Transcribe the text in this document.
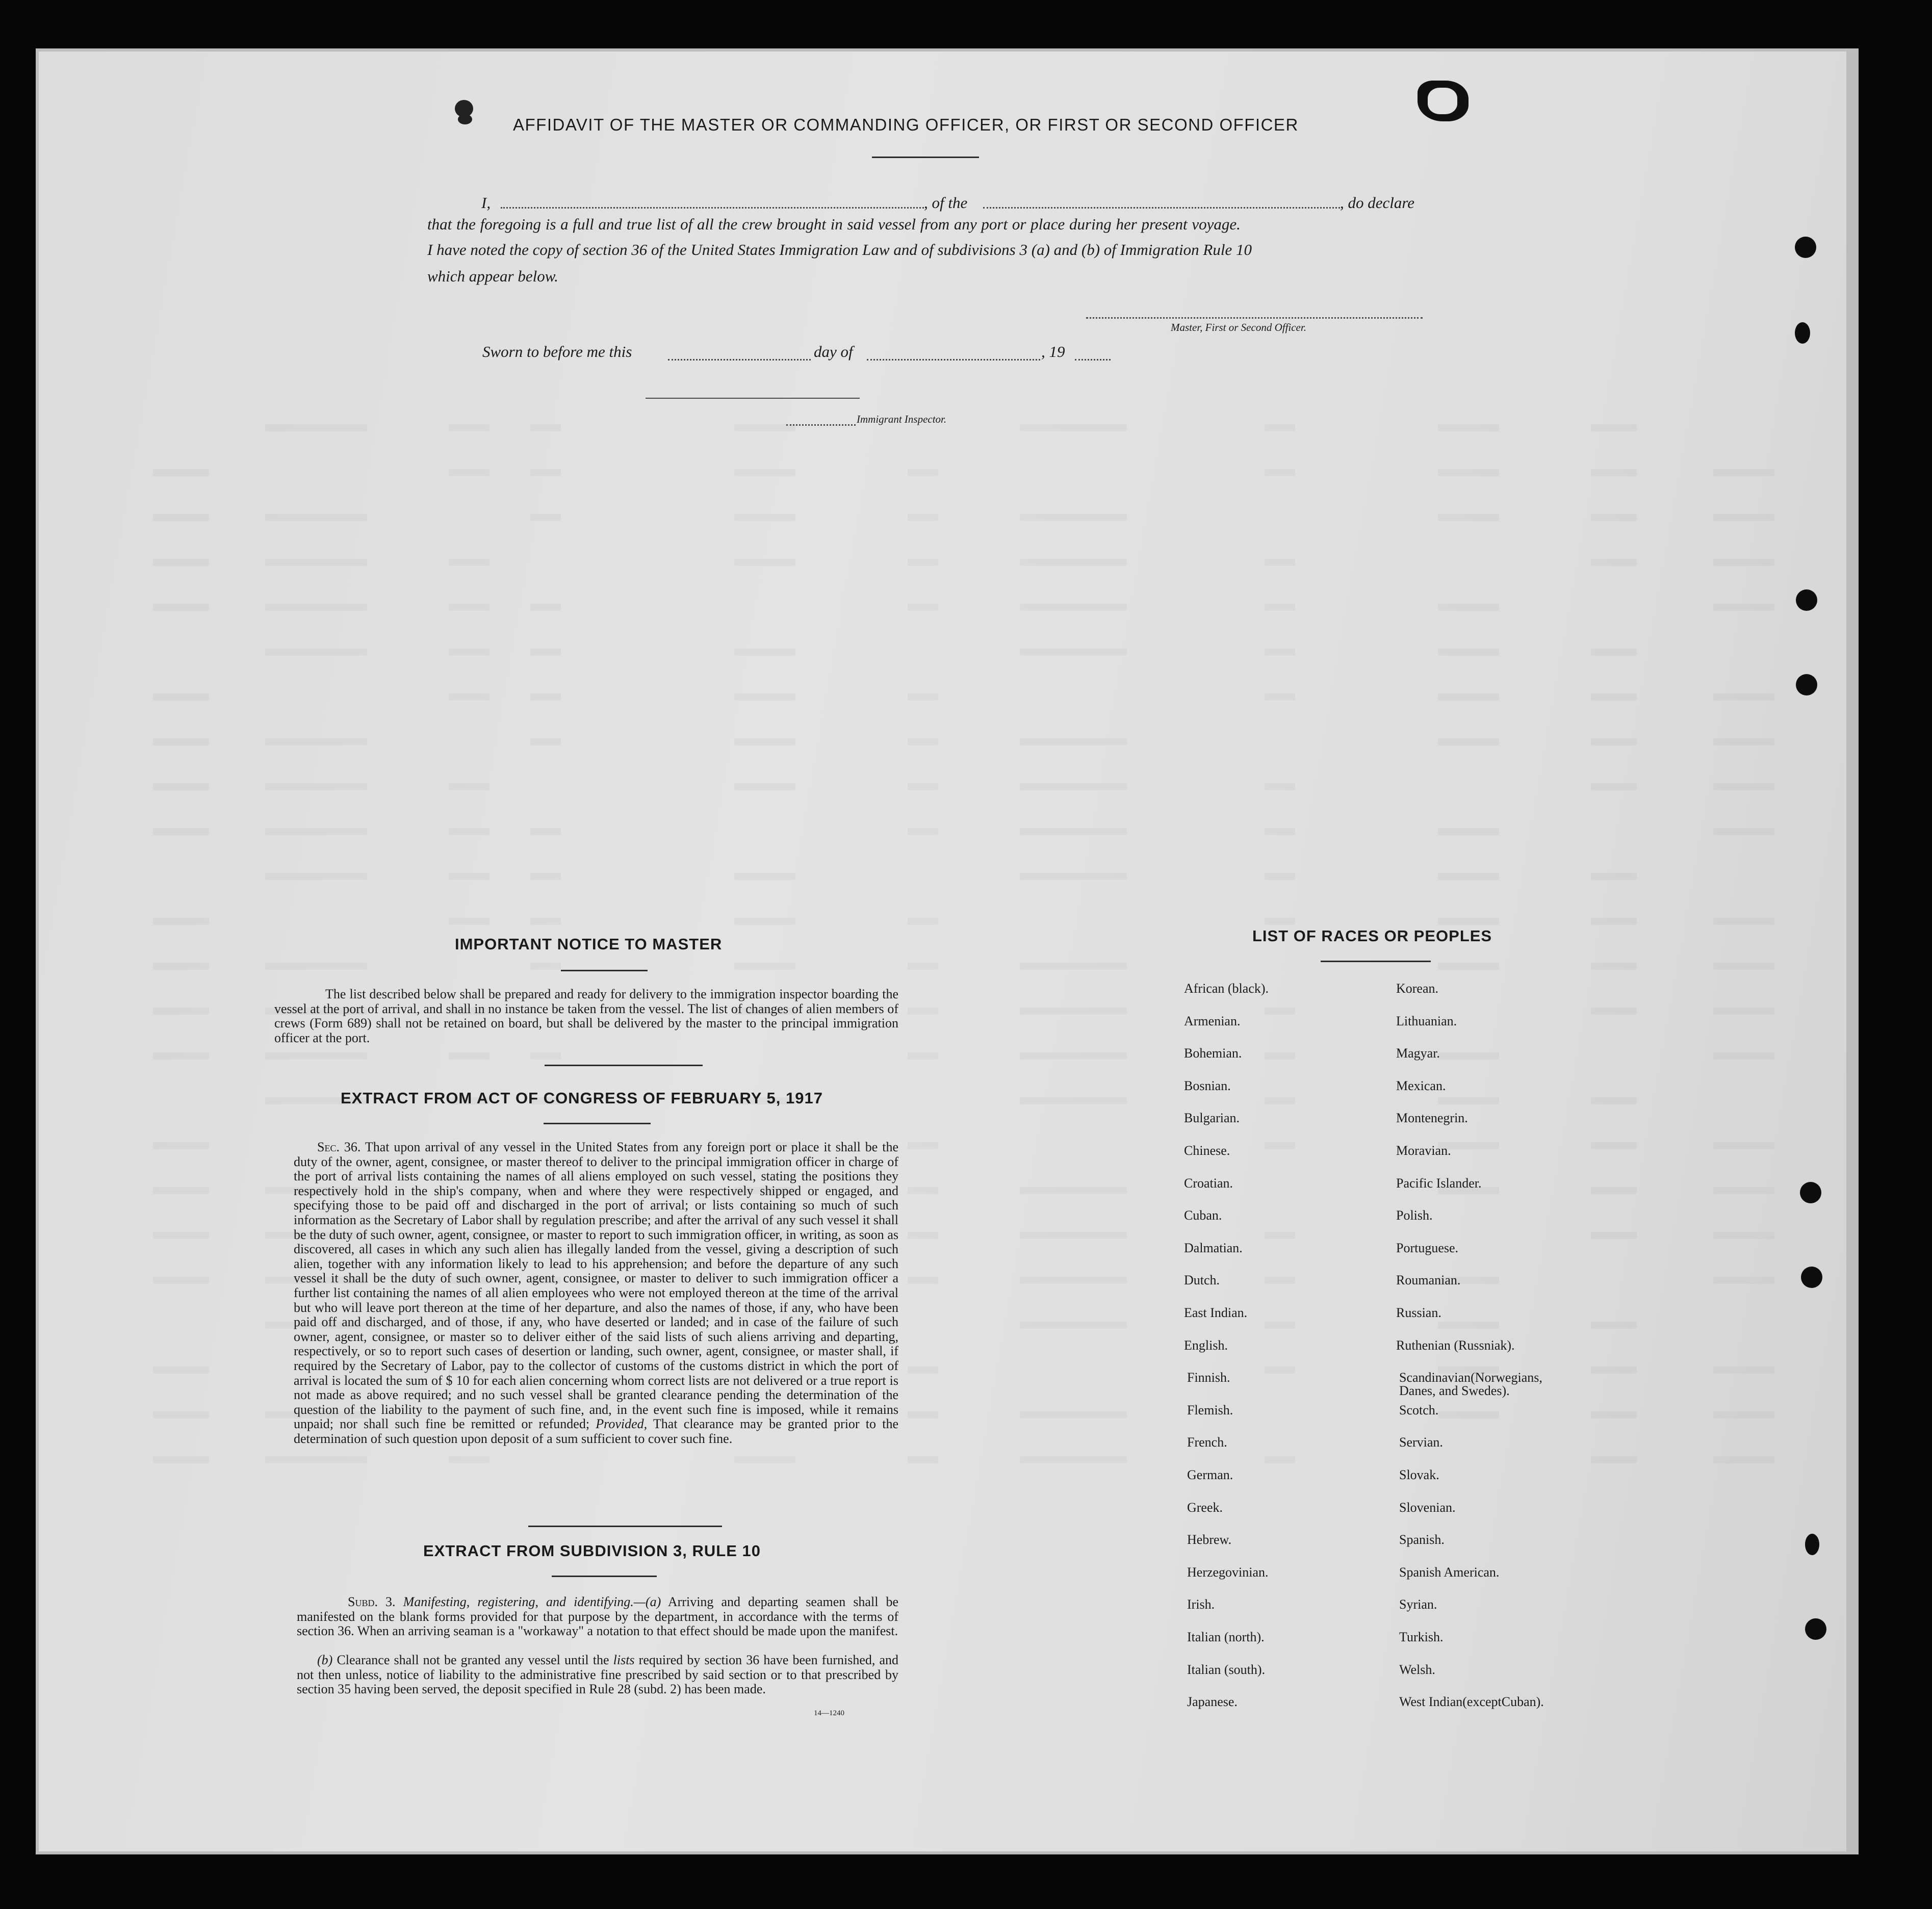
AFFIDAVIT OF THE MASTER OR COMMANDING OFFICER, OR FIRST OR SECOND OFFICER
I,	, of the	, do declare
that the foregoing is a full and true list of all the crew brought in said vessel from any port or place during her present voyage.
I have noted the copy of section 36 of the United States Immigration Law and of subdivisions 3 (a) and (b) of Immigration Rule 10
which appear below.
Master, First or Second Officer.
Sworn to before me this	day of	, 19
Immigrant Inspector.
IMPORTANT NOTICE TO MASTER
The list described below shall be prepared and ready for delivery to the immigration inspector boarding the vessel at the port of arrival, and shall in no instance be taken from the vessel. The list of changes of alien members of crews (Form 689) shall not be retained on board, but shall be delivered by the master to the principal immigration officer at the port.
EXTRACT FROM ACT OF CONGRESS OF FEBRUARY 5, 1917
Sec. 36. That upon arrival of any vessel in the United States from any foreign port or place it shall be the duty of the owner, agent, consignee, or master thereof to deliver to the principal immigration officer in charge of the port of arrival lists containing the names of all aliens employed on such vessel, stating the positions they respectively hold in the ship's company, when and where they were respectively shipped or engaged, and specifying those to be paid off and discharged in the port of arrival; or lists containing so much of such information as the Secretary of Labor shall by regulation prescribe; and after the arrival of any such vessel it shall be the duty of such owner, agent, consignee, or master to report to such immigration officer, in writing, as soon as discovered, all cases in which any such alien has illegally landed from the vessel, giving a description of such alien, together with any information likely to lead to his apprehension; and before the departure of any such vessel it shall be the duty of such owner, agent, consignee, or master to deliver to such immigration officer a further list containing the names of all alien employees who were not employed thereon at the time of the arrival but who will leave port thereon at the time of her departure, and also the names of those, if any, who have been paid off and discharged, and of those, if any, who have deserted or landed; and in case of the failure of such owner, agent, consignee, or master so to deliver either of the said lists of such aliens arriving and departing, respectively, or so to report such cases of desertion or landing, such owner, agent, consignee, or master shall, if required by the Secretary of Labor, pay to the collector of customs of the customs district in which the port of arrival is located the sum of $ 10 for each alien concerning whom correct lists are not delivered or a true report is not made as above required; and no such vessel shall be granted clearance pending the determination of the question of the liability to the payment of such fine, and, in the event such fine is imposed, while it remains unpaid; nor shall such fine be remitted or refunded; Provided, That clearance may be granted prior to the determination of such question upon deposit of a sum sufficient to cover such fine.
EXTRACT FROM SUBDIVISION 3, RULE 10
Subd. 3. Manifesting, registering, and identifying.—(a) Arriving and departing seamen shall be manifested on the blank forms provided for that purpose by the department, in accordance with the terms of section 36. When an arriving seaman is a "workaway" a notation to that effect should be made upon the manifest.
(b) Clearance shall not be granted any vessel until the lists required by section 36 have been furnished, and not then unless, notice of liability to the administrative fine prescribed by said section or to that prescribed by section 35 having been served, the deposit specified in Rule 28 (subd. 2) has been made.
14—1240
LIST OF RACES OR PEOPLES
African (black).
Armenian.
Bohemian.
Bosnian.
Bulgarian.
Chinese.
Croatian.
Cuban.
Dalmatian.
Dutch.
East Indian.
English.
Finnish.
Flemish.
French.
German.
Greek.
Hebrew.
Herzegovinian.
Irish.
Italian (north).
Italian (south).
Japanese.
Korean.
Lithuanian.
Magyar.
Mexican.
Montenegrin.
Moravian.
Pacific Islander.
Polish.
Portuguese.
Roumanian.
Russian.
Ruthenian (Russniak).
Scandinavian(Norwegians,
Danes, and Swedes).
Scotch.
Servian.
Slovak.
Slovenian.
Spanish.
Spanish American.
Syrian.
Turkish.
Welsh.
West Indian(exceptCuban).
